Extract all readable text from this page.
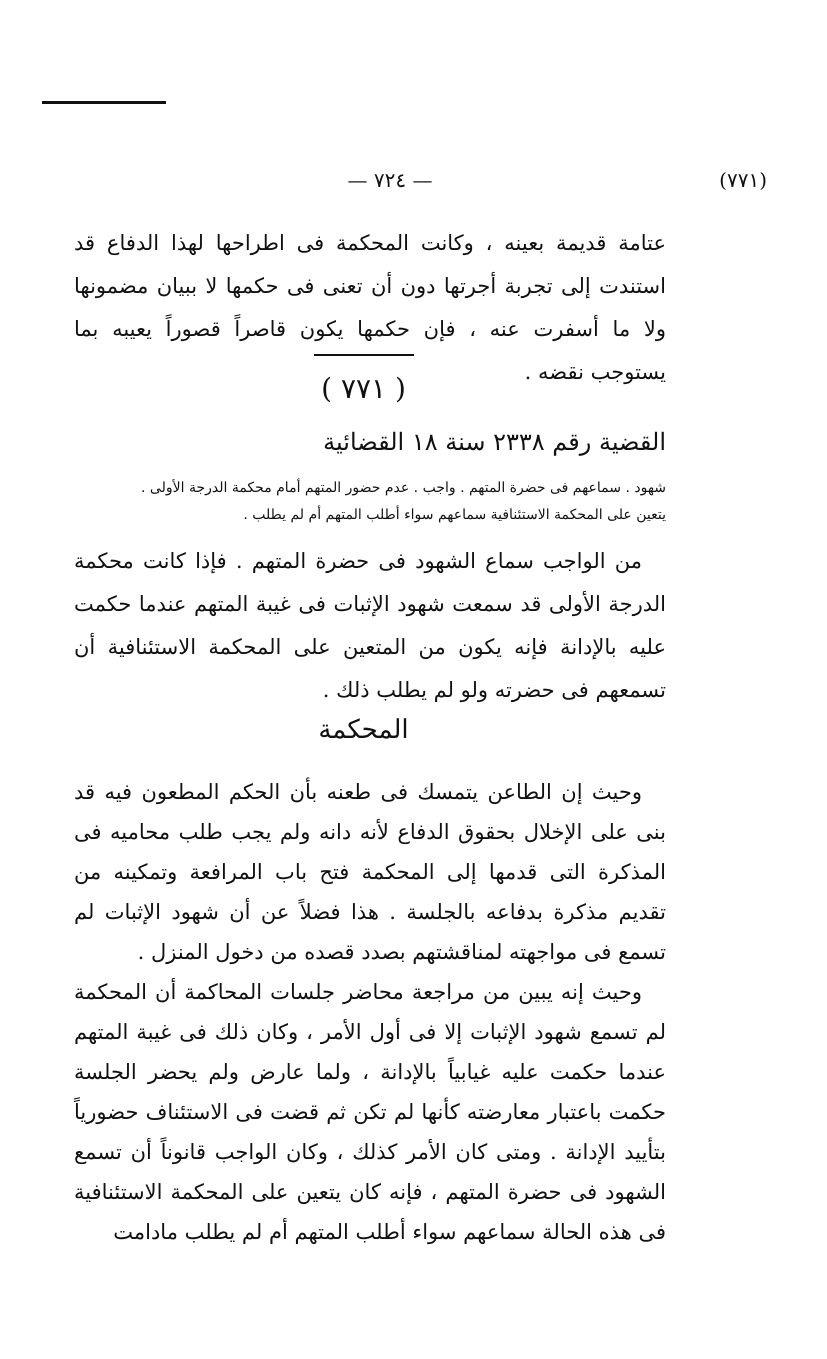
— ٧٢٤ —	(٧٧١)

عتامة قديمة بعينه ، وكانت المحكمة فى اطراحها لهذا الدفاع قد استندت إلى تجربة أجرتها دون أن تعنى فى حكمها لا ببيان مضمونها ولا ما أسفرت عنه ، فإن حكمها يكون قاصراً قصوراً يعيبه بما يستوجب نقضه .

( ٧٧١ )
القضية رقم ٢٣٣٨ سنة ١٨ القضائية

شهود . سماعهم فى حضرة المتهم . واجب . عدم حضور المتهم أمام محكمة الدرجة الأولى .

يتعين على المحكمة الاستئنافية سماعهم سواء أطلب المتهم أم لم يطلب .

من الواجب سماع الشهود فى حضرة المتهم . فإذا كانت محكمة الدرجة الأولى قد سمعت شهود الإثبات فى غيبة المتهم عندما حكمت عليه بالإدانة فإنه يكون من المتعين على المحكمة الاستئنافية أن تسمعهم فى حضرته ولو لم يطلب ذلك .

المحكمة

وحيث إن الطاعن يتمسك فى طعنه بأن الحكم المطعون فيه قد بنى على الإخلال بحقوق الدفاع لأنه دانه ولم يجب طلب محاميه فى المذكرة التى قدمها إلى المحكمة فتح باب المرافعة وتمكينه من تقديم مذكرة بدفاعه بالجلسة . هذا فضلاً عن أن شهود الإثبات لم تسمع فى مواجهته لمناقشتهم بصدد قصده من دخول المنزل .

وحيث إنه يبين من مراجعة محاضر جلسات المحاكمة أن المحكمة لم تسمع شهود الإثبات إلا فى أول الأمر ، وكان ذلك فى غيبة المتهم عندما حكمت عليه غيابياً بالإدانة ، ولما عارض ولم يحضر الجلسة حكمت باعتبار معارضته كأنها لم تكن ثم قضت فى الاستئناف حضورياً بتأييد الإدانة . ومتى كان الأمر كذلك ، وكان الواجب قانوناً أن تسمع الشهود فى حضرة المتهم ، فإنه كان يتعين على المحكمة الاستئنافية فى هذه الحالة سماعهم سواء أطلب المتهم أم لم يطلب مادامت
